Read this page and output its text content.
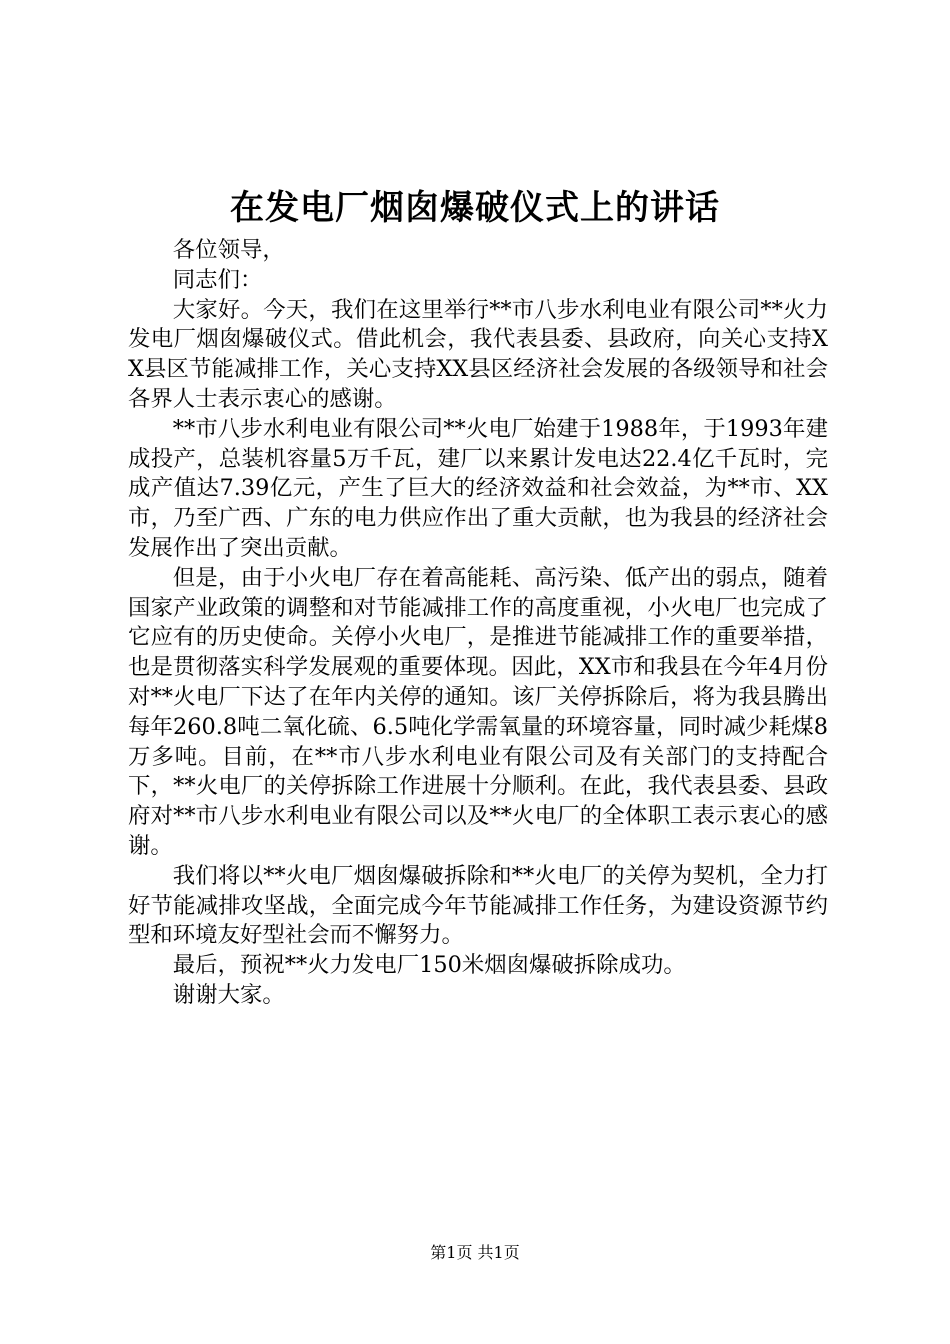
在发电厂烟囱爆破仪式上的讲话

各位领导，

同志们：

大家好。今天，我们在这里举行**市八步水利电业有限公司**火力发电厂烟囱爆破仪式。借此机会，我代表县委、县政府，向关心支持XX县区节能减排工作，关心支持XX县区经济社会发展的各级领导和社会各界人士表示衷心的感谢。

**市八步水利电业有限公司**火电厂始建于1988年，于1993年建成投产，总装机容量5万千瓦，建厂以来累计发电达22.4亿千瓦时，完成产值达7.39亿元，产生了巨大的经济效益和社会效益，为**市、XX市，乃至广西、广东的电力供应作出了重大贡献，也为我县的经济社会发展作出了突出贡献。

但是，由于小火电厂存在着高能耗、高污染、低产出的弱点，随着国家产业政策的调整和对节能减排工作的高度重视，小火电厂也完成了它应有的历史使命。关停小火电厂，是推进节能减排工作的重要举措，也是贯彻落实科学发展观的重要体现。因此，XX市和我县在今年4月份对**火电厂下达了在年内关停的通知。该厂关停拆除后，将为我县腾出每年260.8吨二氧化硫、6.5吨化学需氧量的环境容量，同时减少耗煤8万多吨。目前，在**市八步水利电业有限公司及有关部门的支持配合下，**火电厂的关停拆除工作进展十分顺利。在此，我代表县委、县政府对**市八步水利电业有限公司以及**火电厂的全体职工表示衷心的感谢。

我们将以**火电厂烟囱爆破拆除和**火电厂的关停为契机，全力打好节能减排攻坚战，全面完成今年节能减排工作任务，为建设资源节约型和环境友好型社会而不懈努力。

最后，预祝**火力发电厂150米烟囱爆破拆除成功。

谢谢大家。

第1页 共1页
